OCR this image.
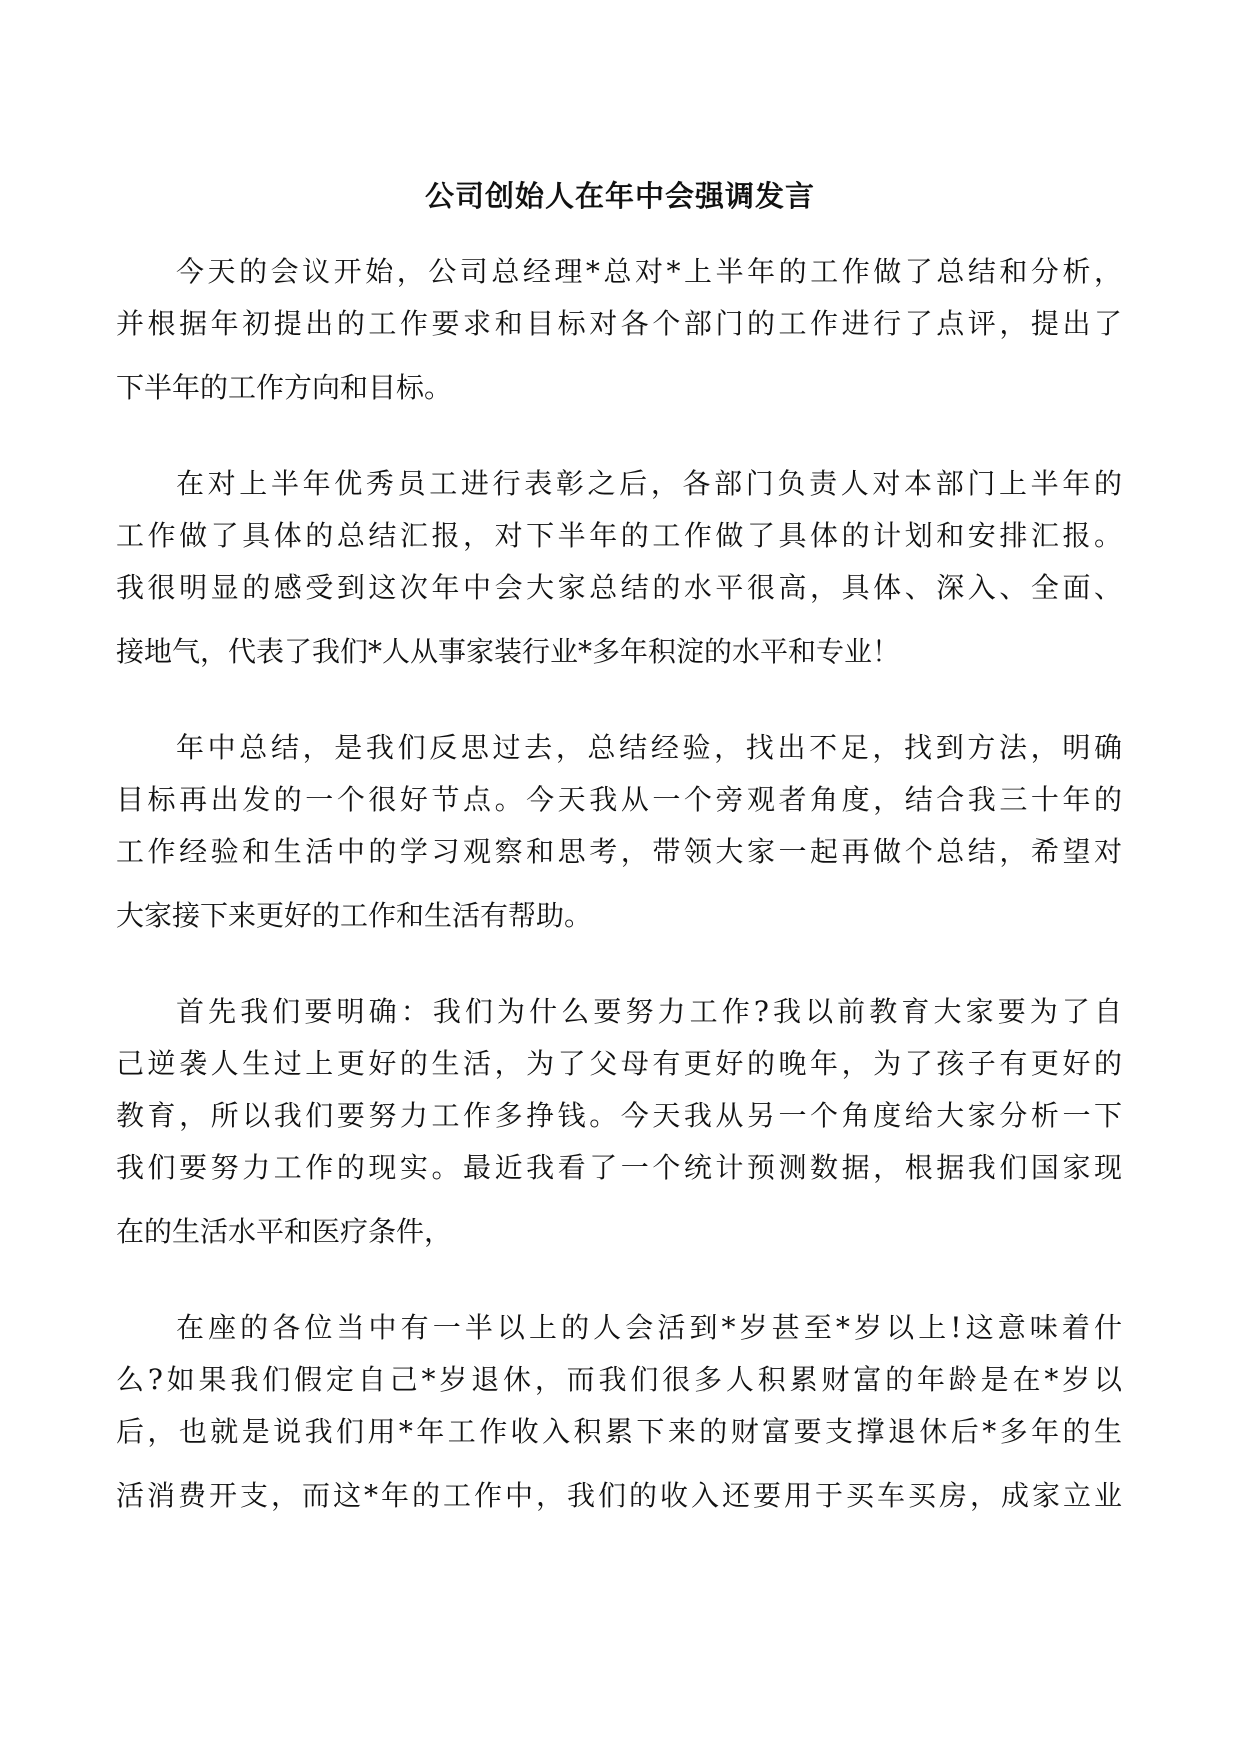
公司创始人在年中会强调发言

今天的会议开始，公司总经理*总对*上半年的工作做了总结和分析，

并根据年初提出的工作要求和目标对各个部门的工作进行了点评，提出了

下半年的工作方向和目标。

在对上半年优秀员工进行表彰之后，各部门负责人对本部门上半年的

工作做了具体的总结汇报，对下半年的工作做了具体的计划和安排汇报。

我很明显的感受到这次年中会大家总结的水平很高，具体、深入、全面、

接地气，代表了我们*人从事家装行业*多年积淀的水平和专业！

年中总结，是我们反思过去，总结经验，找出不足，找到方法，明确

目标再出发的一个很好节点。今天我从一个旁观者角度，结合我三十年的

工作经验和生活中的学习观察和思考，带领大家一起再做个总结，希望对

大家接下来更好的工作和生活有帮助。

首先我们要明确：我们为什么要努力工作?我以前教育大家要为了自

己逆袭人生过上更好的生活，为了父母有更好的晚年，为了孩子有更好的

教育，所以我们要努力工作多挣钱。今天我从另一个角度给大家分析一下

我们要努力工作的现实。最近我看了一个统计预测数据，根据我们国家现

在的生活水平和医疗条件，

在座的各位当中有一半以上的人会活到*岁甚至*岁以上!这意味着什

么?如果我们假定自己*岁退休，而我们很多人积累财富的年龄是在*岁以

后，也就是说我们用*年工作收入积累下来的财富要支撑退休后*多年的生

活消费开支，而这*年的工作中，我们的收入还要用于买车买房，成家立业
